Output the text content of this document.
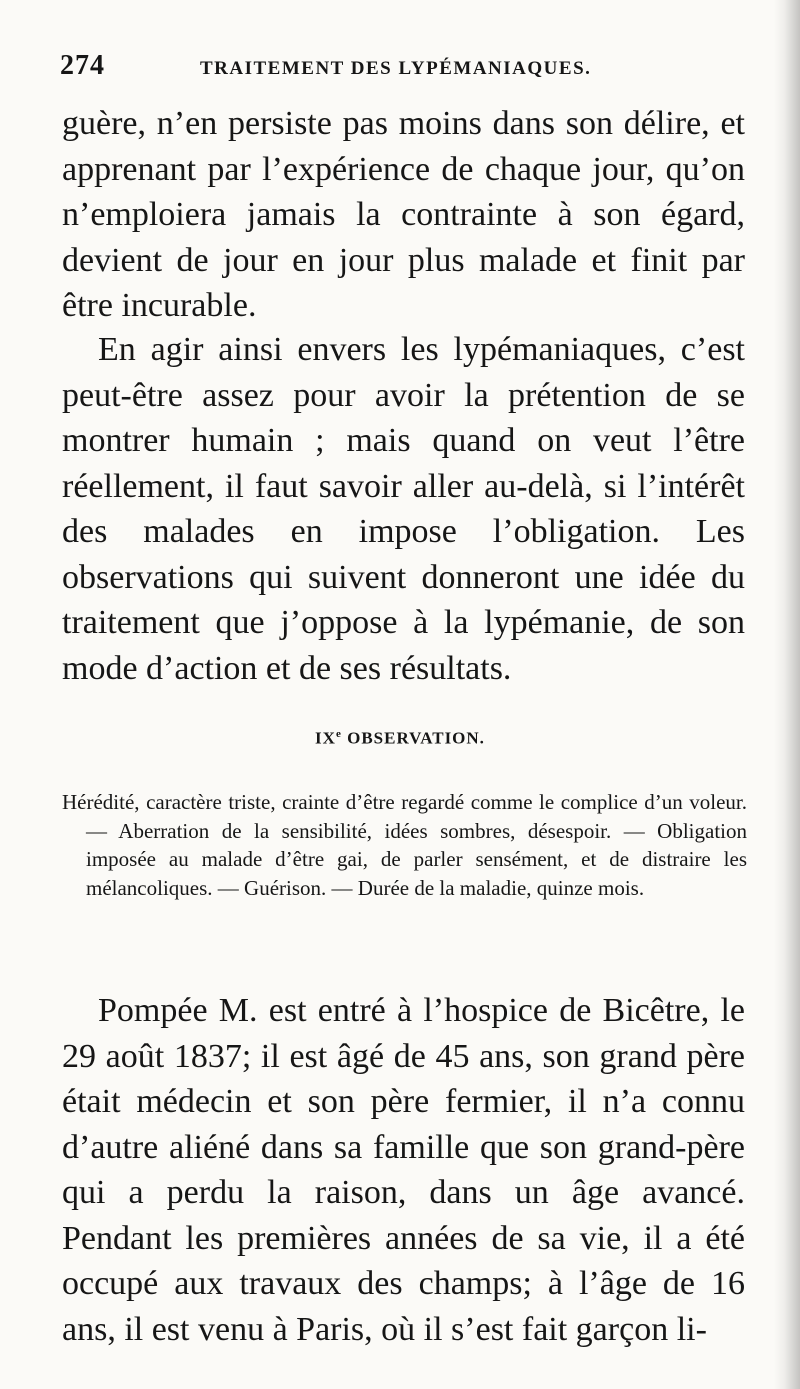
274	TRAITEMENT DES LYPÉMANIAQUES.
guère, n’en persiste pas moins dans son délire, et apprenant par l’expérience de chaque jour, qu’on n’emploiera jamais la contrainte à son égard, devient de jour en jour plus malade et finit par être incurable.
En agir ainsi envers les lypémaniaques, c’est peut-être assez pour avoir la prétention de se montrer humain ; mais quand on veut l’être réellement, il faut savoir aller au-delà, si l’intérêt des malades en impose l’obligation. Les observations qui suivent donneront une idée du traitement que j’oppose à la lypémanie, de son mode d’action et de ses résultats.
IXe OBSERVATION.
Hérédité, caractère triste, crainte d’être regardé comme le complice d’un voleur. — Aberration de la sensibilité, idées sombres, désespoir. — Obligation imposée au malade d’être gai, de parler sensément, et de distraire les mélancoliques. — Guérison. — Durée de la maladie, quinze mois.
Pompée M. est entré à l’hospice de Bicêtre, le 29 août 1837; il est âgé de 45 ans, son grand père était médecin et son père fermier, il n’a connu d’autre aliéné dans sa famille que son grand-père qui a perdu la raison, dans un âge avancé. Pendant les premières années de sa vie, il a été occupé aux travaux des champs; à l’âge de 16 ans, il est venu à Paris, où il s’est fait garçon li-
